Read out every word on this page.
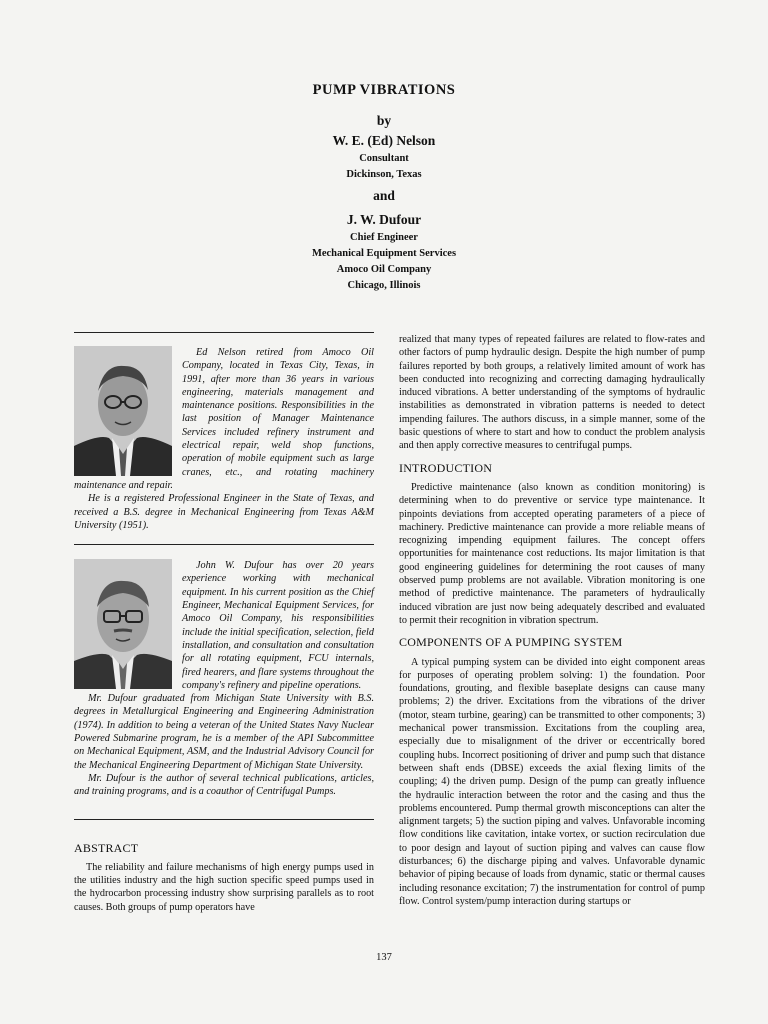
PUMP VIBRATIONS
by
W. E. (Ed) Nelson
Consultant
Dickinson, Texas
and
J. W. Dufour
Chief Engineer
Mechanical Equipment Services
Amoco Oil Company
Chicago, Illinois
Ed Nelson retired from Amoco Oil Company, located in Texas City, Texas, in 1991, after more than 36 years in various engineering, materials management and maintenance positions. Responsibilities in the last position of Manager Maintenance Services included refinery instrument and electrical repair, weld shop functions, operation of mobile equipment such as large cranes, etc., and rotating machinery maintenance and repair.

He is a registered Professional Engineer in the State of Texas, and received a B.S. degree in Mechanical Engineering from Texas A&M University (1951).

John W. Dufour has over 20 years experience working with mechanical equipment. In his current position as the Chief Engineer, Mechanical Equipment Services, for Amoco Oil Company, his responsibilities include the initial specification, selection, field installation, and consultation and consultation for all rotating equipment, FCU internals, fired hearers, and flare systems throughout the company's refinery and pipeline operations.

Mr. Dufour graduated from Michigan State University with B.S. degrees in Metallurgical Engineering and Engineering Administration (1974). In addition to being a veteran of the United States Navy Nuclear Powered Submarine program, he is a member of the API Subcommittee on Mechanical Equipment, ASM, and the Industrial Advisory Council for the Mechanical Engineering Department of Michigan State University.

Mr. Dufour is the author of several technical publications, articles, and training programs, and is a coauthor of Centrifugal Pumps.

ABSTRACT

The reliability and failure mechanisms of high energy pumps used in the utilities industry and the high suction specific speed pumps used in the hydrocarbon processing industry show surprising parallels as to root causes. Both groups of pump operators have

realized that many types of repeated failures are related to flow-rates and other factors of pump hydraulic design. Despite the high number of pump failures reported by both groups, a relatively limited amount of work has been conducted into recognizing and correcting damaging hydraulically induced vibrations. A better understanding of the symptoms of hydraulic instabilities as demonstrated in vibration patterns is needed to detect impending failures. The authors discuss, in a simple manner, some of the basic questions of where to start and how to conduct the problem analysis and then apply corrective measures to centrifugal pumps.

INTRODUCTION

Predictive maintenance (also known as condition monitoring) is determining when to do preventive or service type maintenance. It pinpoints deviations from accepted operating parameters of a piece of machinery. Predictive maintenance can provide a more reliable means of recognizing impending equipment failures. The concept offers opportunities for maintenance cost reductions. Its major limitation is that good engineering guidelines for determining the root causes of many observed pump problems are not available. Vibration monitoring is one method of predictive maintenance. The parameters of hydraulically induced vibration are just now being adequately described and evaluated to permit their recognition in vibration spectrum.

COMPONENTS OF A PUMPING SYSTEM

A typical pumping system can be divided into eight component areas for purposes of operating problem solving: 1) the foundation. Poor foundations, grouting, and flexible baseplate designs can cause many problems; 2) the driver. Excitations from the vibrations of the driver (motor, steam turbine, gearing) can be transmitted to other components; 3) mechanical power transmission. Excitations from the coupling area, especially due to misalignment of the driver or eccentrically bored coupling hubs. Incorrect positioning of driver and pump such that distance between shaft ends (DBSE) exceeds the axial flexing limits of the coupling; 4) the driven pump. Design of the pump can greatly influence the hydraulic interaction between the rotor and the casing and thus the problems encountered. Pump thermal growth misconceptions can alter the alignment targets; 5) the suction piping and valves. Unfavorable incoming flow conditions like cavitation, intake vortex, or suction recirculation due to poor design and layout of suction piping and valves can cause flow disturbances; 6) the discharge piping and valves. Unfavorable dynamic behavior of piping because of loads from dynamic, static or thermal causes including resonance excitation; 7) the instrumentation for control of pump flow. Control system/pump interaction during startups or

137
